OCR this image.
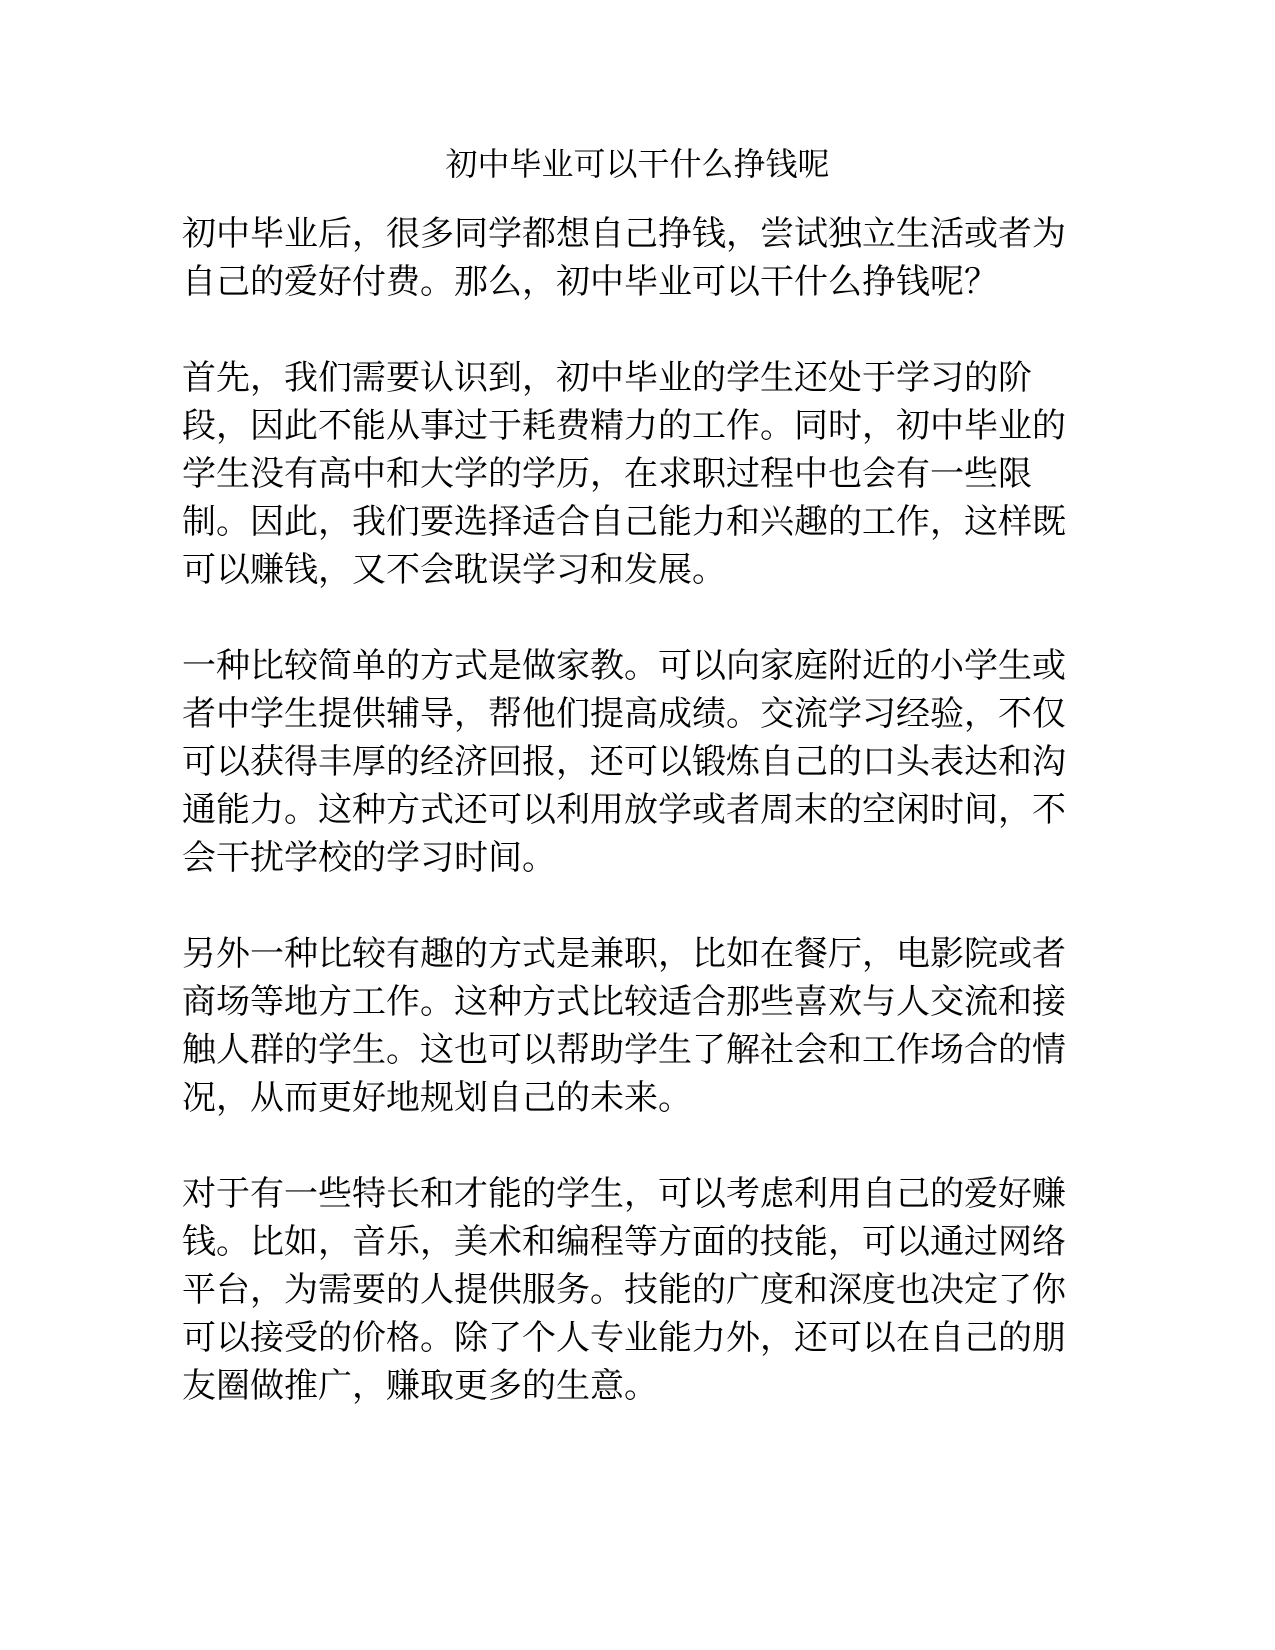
初中毕业可以干什么挣钱呢

初中毕业后，很多同学都想自己挣钱，尝试独立生活或者为自己的爱好付费。那么，初中毕业可以干什么挣钱呢？

首先，我们需要认识到，初中毕业的学生还处于学习的阶段，因此不能从事过于耗费精力的工作。同时，初中毕业的学生没有高中和大学的学历，在求职过程中也会有一些限制。因此，我们要选择适合自己能力和兴趣的工作，这样既可以赚钱，又不会耽误学习和发展。

一种比较简单的方式是做家教。可以向家庭附近的小学生或者中学生提供辅导，帮他们提高成绩。交流学习经验，不仅可以获得丰厚的经济回报，还可以锻炼自己的口头表达和沟通能力。这种方式还可以利用放学或者周末的空闲时间，不会干扰学校的学习时间。

另外一种比较有趣的方式是兼职，比如在餐厅，电影院或者商场等地方工作。这种方式比较适合那些喜欢与人交流和接触人群的学生。这也可以帮助学生了解社会和工作场合的情况，从而更好地规划自己的未来。

对于有一些特长和才能的学生，可以考虑利用自己的爱好赚钱。比如，音乐，美术和编程等方面的技能，可以通过网络平台，为需要的人提供服务。技能的广度和深度也决定了你可以接受的价格。除了个人专业能力外，还可以在自己的朋友圈做推广，赚取更多的生意。
